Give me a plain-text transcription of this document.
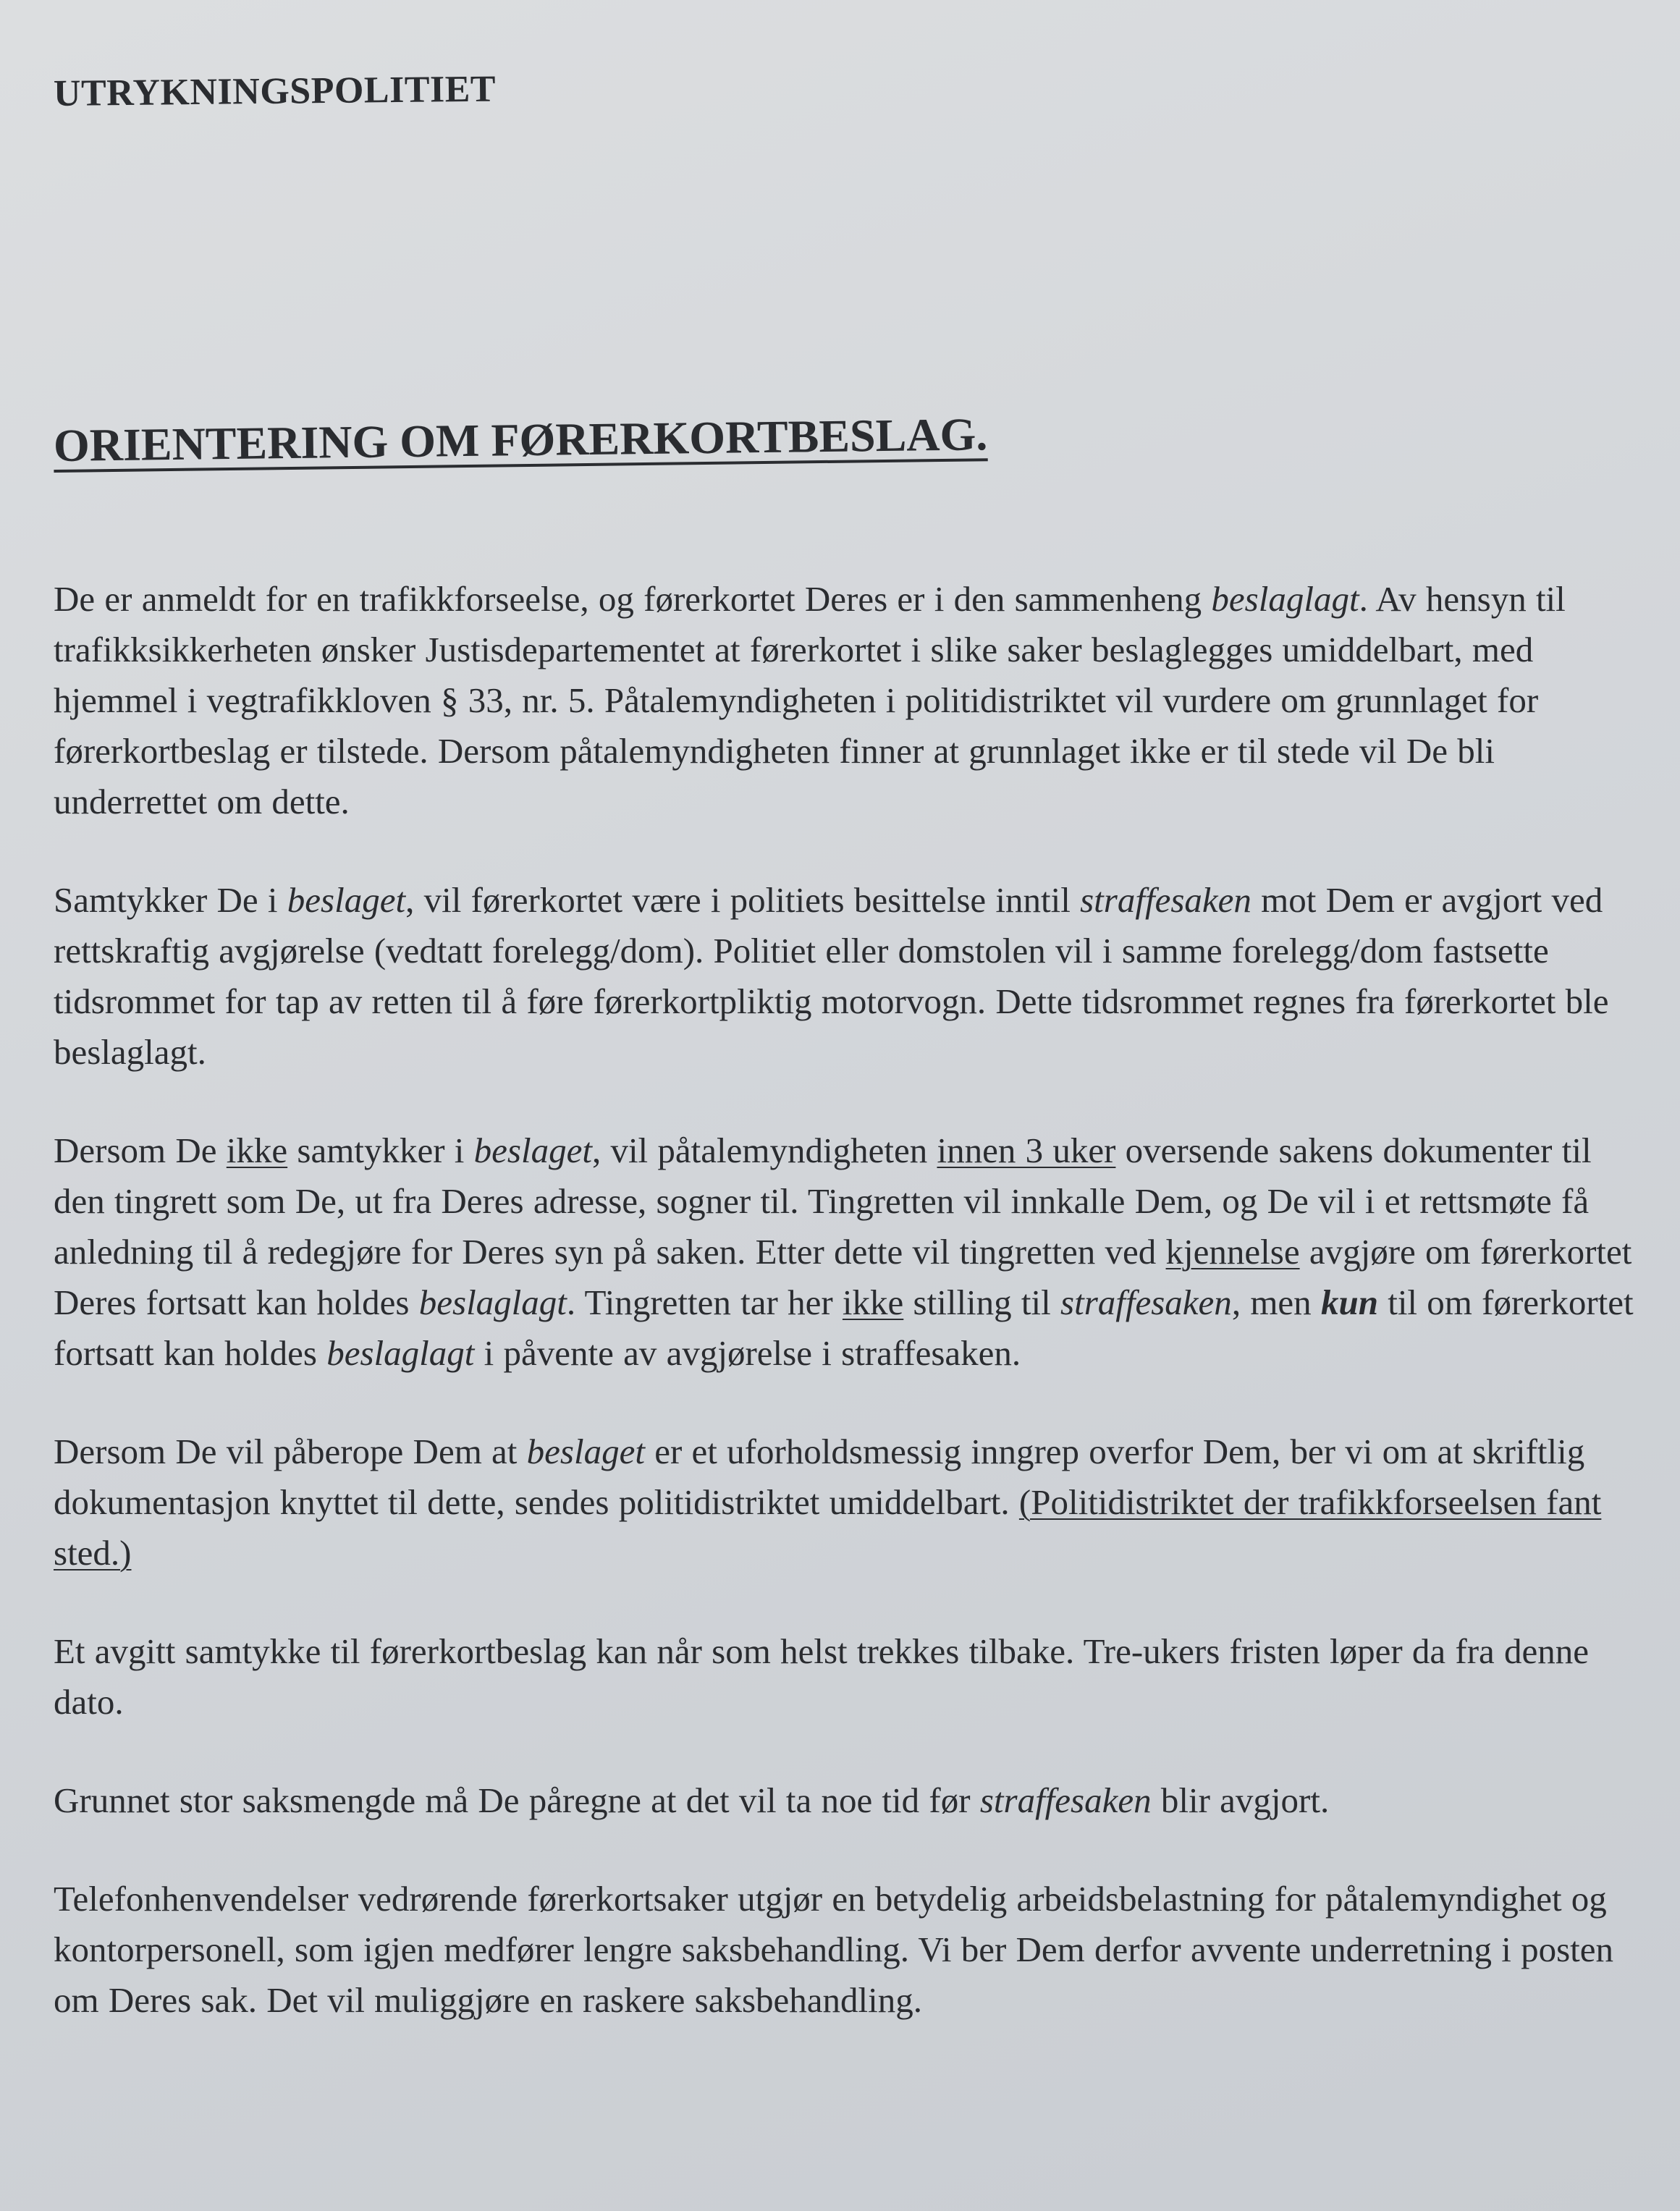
UTRYKNINGSPOLITIET
ORIENTERING OM FØRERKORTBESLAG.

De er anmeldt for en trafikkforseelse, og førerkortet Deres er i den sammenheng beslaglagt. Av hensyn til trafikksikkerheten ønsker Justisdepartementet at førerkortet i slike saker beslaglegges umiddelbart, med hjemmel i vegtrafikkloven § 33, nr. 5. Påtalemyndigheten i politidistriktet vil vurdere om grunnlaget for førerkortbeslag er tilstede. Dersom påtalemyndigheten finner at grunnlaget ikke er til stede vil De bli underrettet om dette.

Samtykker De i beslaget, vil førerkortet være i politiets besittelse inntil straffesaken mot Dem er avgjort ved rettskraftig avgjørelse (vedtatt forelegg/dom). Politiet eller domstolen vil i samme forelegg/dom fastsette tidsrommet for tap av retten til å føre førerkortpliktig motorvogn. Dette tidsrommet regnes fra førerkortet ble beslaglagt.

Dersom De ikke samtykker i beslaget, vil påtalemyndigheten innen 3 uker oversende sakens dokumenter til den tingrett som De, ut fra Deres adresse, sogner til. Tingretten vil innkalle Dem, og De vil i et rettsmøte få anledning til å redegjøre for Deres syn på saken. Etter dette vil tingretten ved kjennelse avgjøre om førerkortet Deres fortsatt kan holdes beslaglagt. Tingretten tar her ikke stilling til straffesaken, men kun til om førerkortet fortsatt kan holdes beslaglagt i påvente av avgjørelse i straffesaken.

Dersom De vil påberope Dem at beslaget er et uforholdsmessig inngrep overfor Dem, ber vi om at skriftlig dokumentasjon knyttet til dette, sendes politidistriktet umiddelbart. (Politidistriktet der trafikkforseelsen fant sted.)

Et avgitt samtykke til førerkortbeslag kan når som helst trekkes tilbake. Tre-ukers fristen løper da fra denne dato.

Grunnet stor saksmengde må De påregne at det vil ta noe tid før straffesaken blir avgjort.

Telefonhenvendelser vedrørende førerkortsaker utgjør en betydelig arbeidsbelastning for påtalemyndighet og kontorpersonell, som igjen medfører lengre saksbehandling. Vi ber Dem derfor avvente underretning i posten om Deres sak. Det vil muliggjøre en raskere saksbehandling.
